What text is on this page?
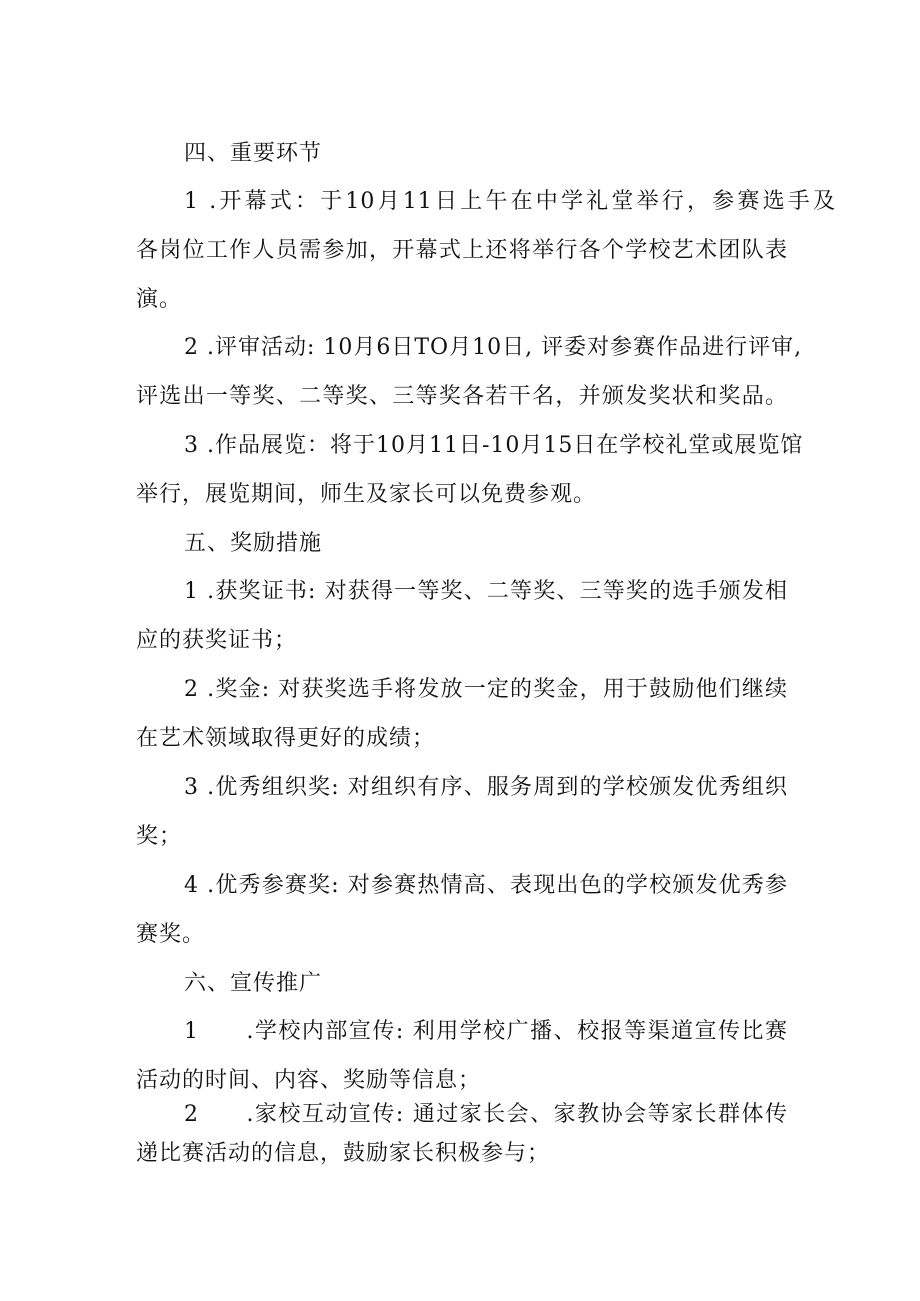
四、重要环节
1 .开幕式：于10月11日上午在中学礼堂举行，参赛选手及
各岗位工作人员需参加，开幕式上还将举行各个学校艺术团队表
演。
2 .评审活动: 10月6日TO月10日, 评委对参赛作品进行评审,
评选出一等奖、二等奖、三等奖各若干名，并颁发奖状和奖品。
3 .作品展览：将于10月11日-10月15日在学校礼堂或展览馆
举行，展览期间，师生及家长可以免费参观。
五、奖励措施
1 .获奖证书: 对获得一等奖、二等奖、三等奖的选手颁发相
应的获奖证书；
2 .奖金: 对获奖选手将发放一定的奖金，用于鼓励他们继续
在艺术领域取得更好的成绩；
3 .优秀组织奖: 对组织有序、服务周到的学校颁发优秀组织
奖；
4 .优秀参赛奖: 对参赛热情高、表现出色的学校颁发优秀参
赛奖。
六、宣传推广
1　　.学校内部宣传: 利用学校广播、校报等渠道宣传比赛
活动的时间、内容、奖励等信息；
2　　.家校互动宣传: 通过家长会、家教协会等家长群体传
递比赛活动的信息，鼓励家长积极参与；
